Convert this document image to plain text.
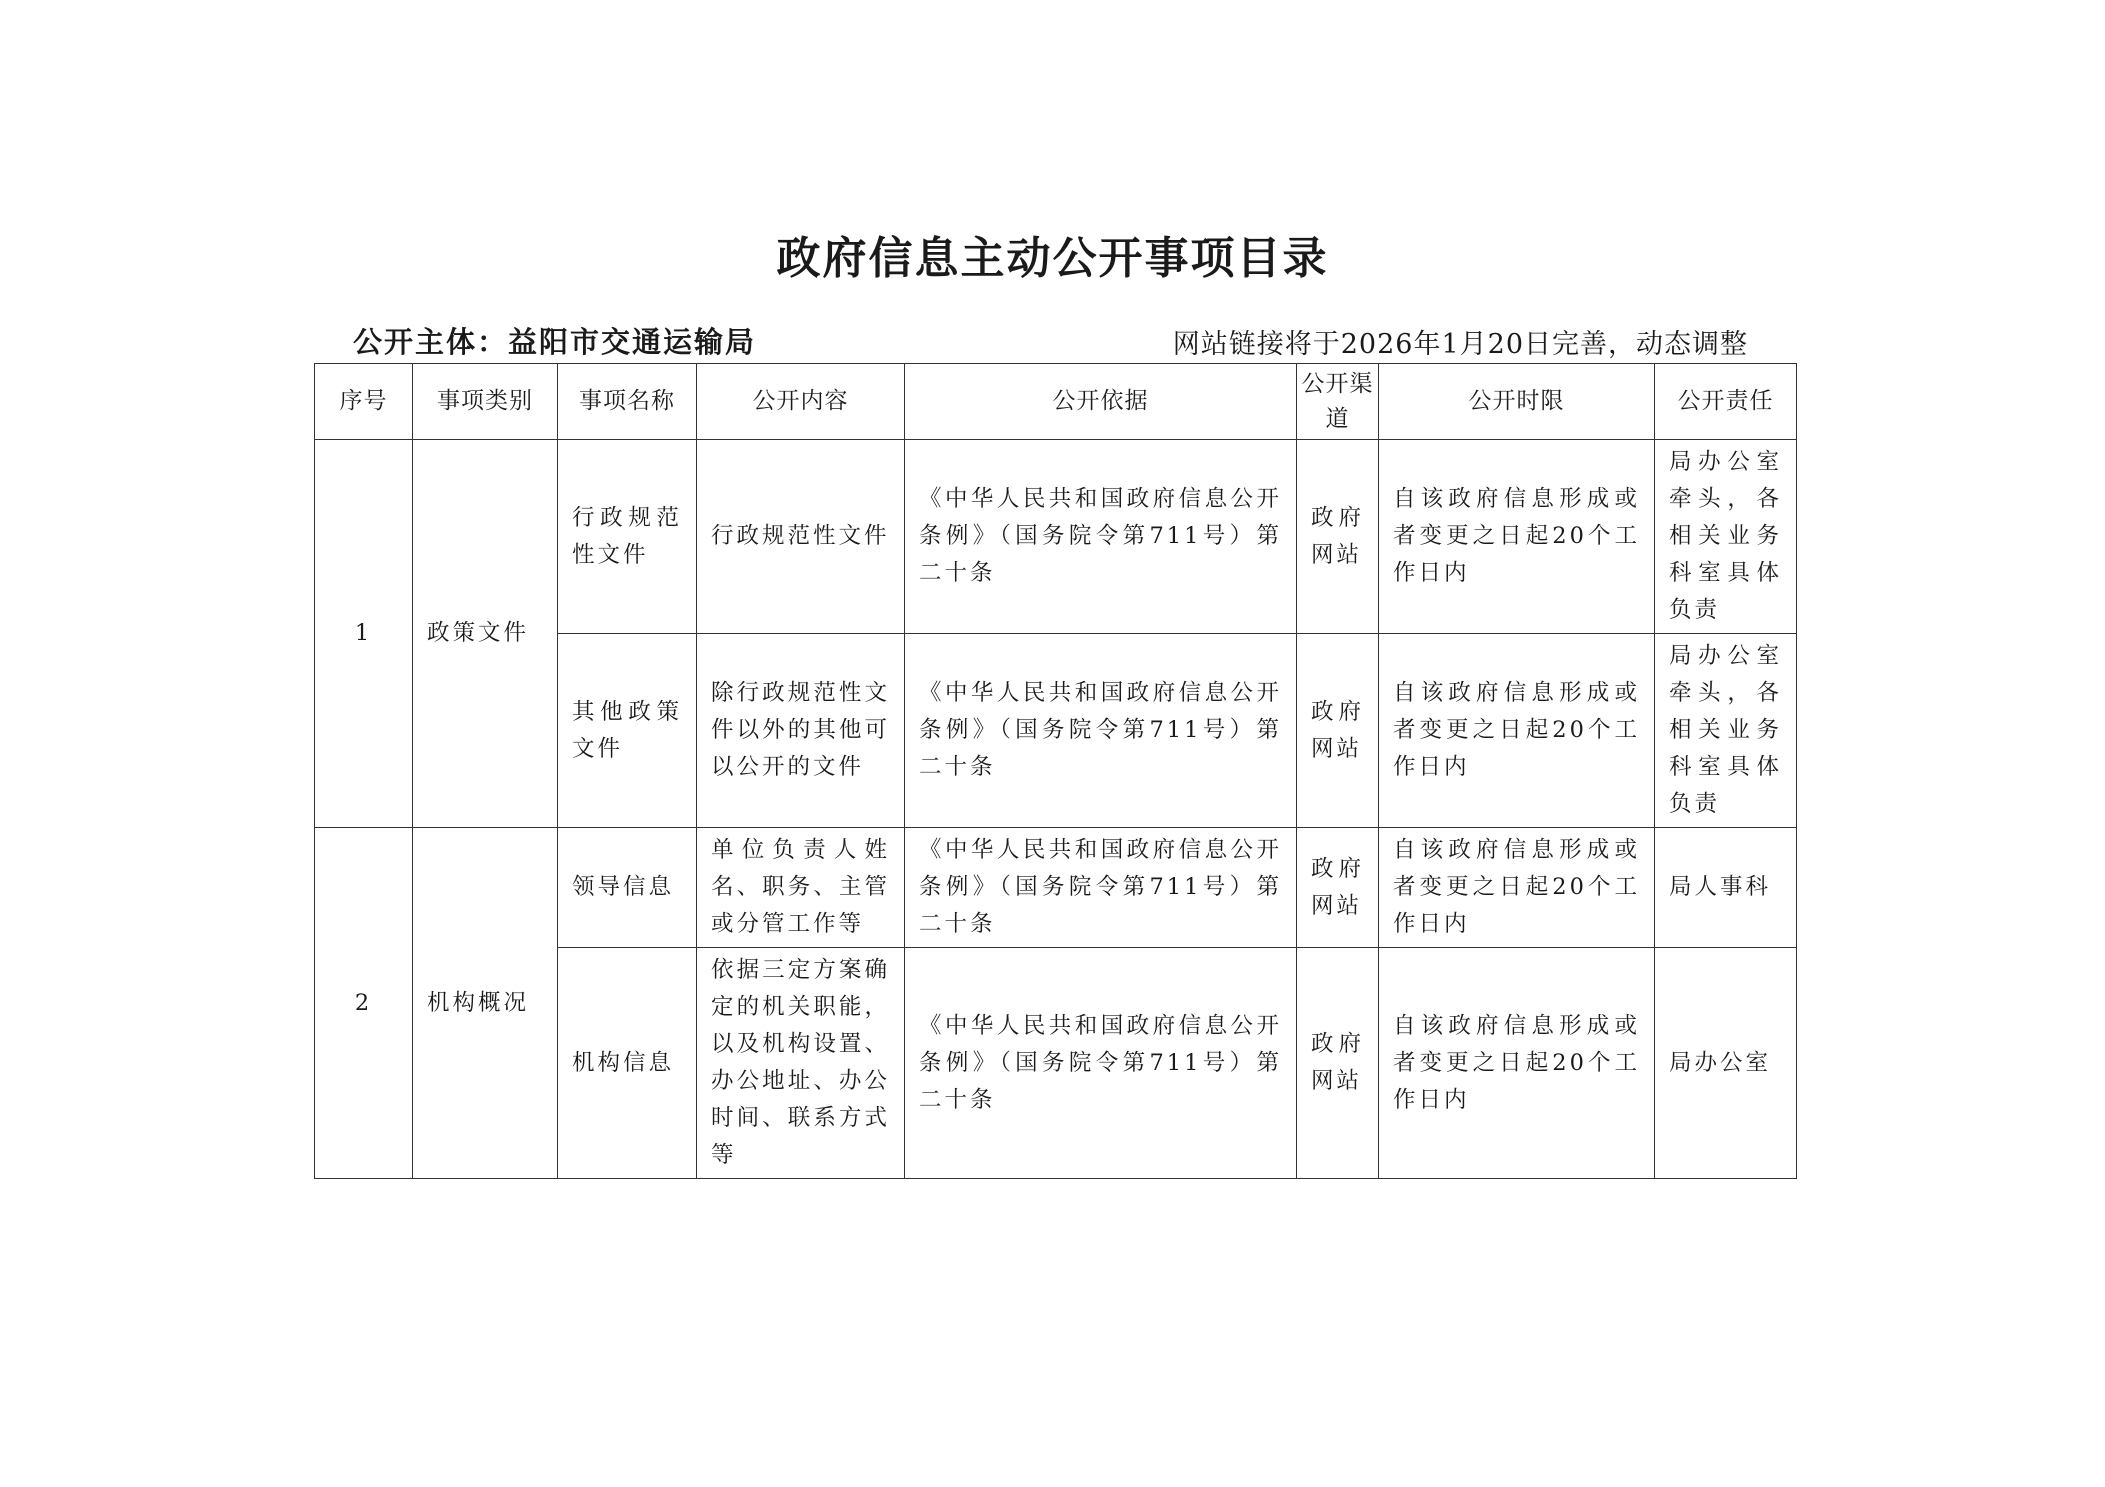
政府信息主动公开事项目录
公开主体：益阳市交通运输局	网站链接将于2026年1月20日完善，动态调整
序号	事项类别	事项名称	公开内容	公开依据	公开渠道	公开时限	公开责任
1	政策文件	行政规范性文件	行政规范性文件	《中华人民共和国政府信息公开条例》（国务院令第711号）第二十条	政府网站	自该政府信息形成或者变更之日起20个工作日内	局办公室牵头，各相关业务科室具体负责
		其他政策文件	除行政规范性文件以外的其他可以公开的文件	《中华人民共和国政府信息公开条例》（国务院令第711号）第二十条	政府网站	自该政府信息形成或者变更之日起20个工作日内	局办公室牵头，各相关业务科室具体负责
2	机构概况	领导信息	单位负责人姓名、职务、主管或分管工作等	《中华人民共和国政府信息公开条例》（国务院令第711号）第二十条	政府网站	自该政府信息形成或者变更之日起20个工作日内	局人事科
		机构信息	依据三定方案确定的机关职能，以及机构设置、办公地址、办公时间、联系方式等	《中华人民共和国政府信息公开条例》（国务院令第711号）第二十条	政府网站	自该政府信息形成或者变更之日起20个工作日内	局办公室
